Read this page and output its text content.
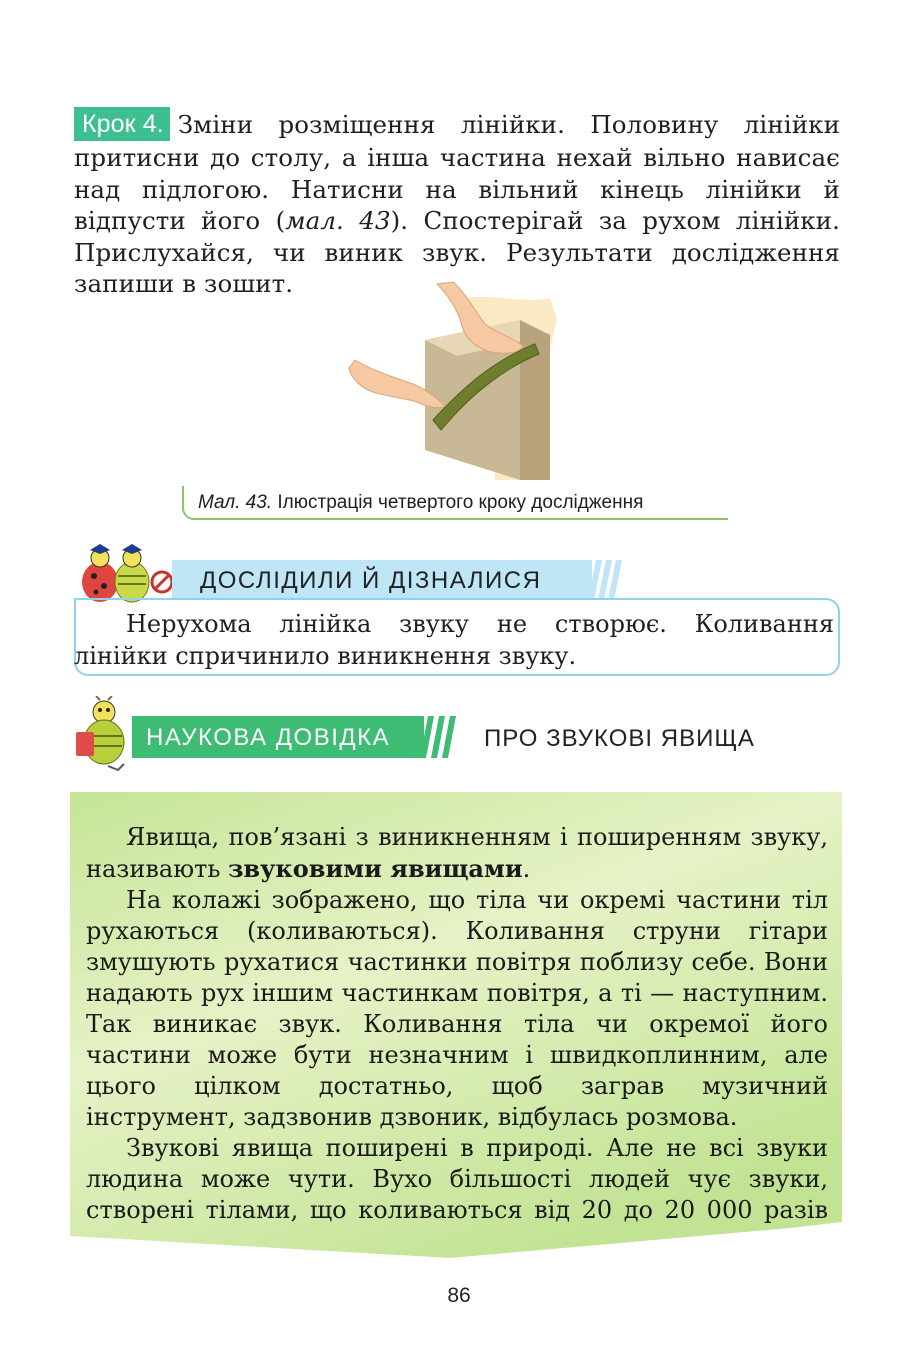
Крок 4. Зміни розміщення лінійки. Половину лінійки притисни до столу, а інша частина нехай вільно нависає над підлогою. Натисни на вільний кінець лінійки й відпусти його (мал. 43). Спостерігай за рухом лінійки. Прислухайся, чи виник звук. Результати дослідження запиши в зошит.
Мал. 43. Ілюстрація четвертого кроку дослідження
ДОСЛІДИЛИ Й ДІЗНАЛИСЯ
Нерухома лінійка звуку не створює. Коливання лінійки спричинило виникнення звуку.
НАУКОВА ДОВІДКА	ПРО ЗВУКОВІ ЯВИЩА

Явища, пов’язані з виникненням і поширенням звуку, називають звуковими явищами.

На колажі зображено, що тіла чи окремі частини тіл рухаються (коливаються). Коливання струни гітари змушують рухатися частинки повітря поблизу себе. Вони надають рух іншим частинкам повітря, а ті — наступним. Так виникає звук. Коливання тіла чи окремої його частини може бути незначним і швидкоплинним, але цього цілком достатньо, щоб заграв музичний інструмент, задзвонив дзвоник, відбулась розмова.

Звукові явища поширені в природі. Але не всі звуки людина може чути. Вухо більшості людей чує звуки, створені тілами, що коливаються від 20 до 20 000 разів

86
